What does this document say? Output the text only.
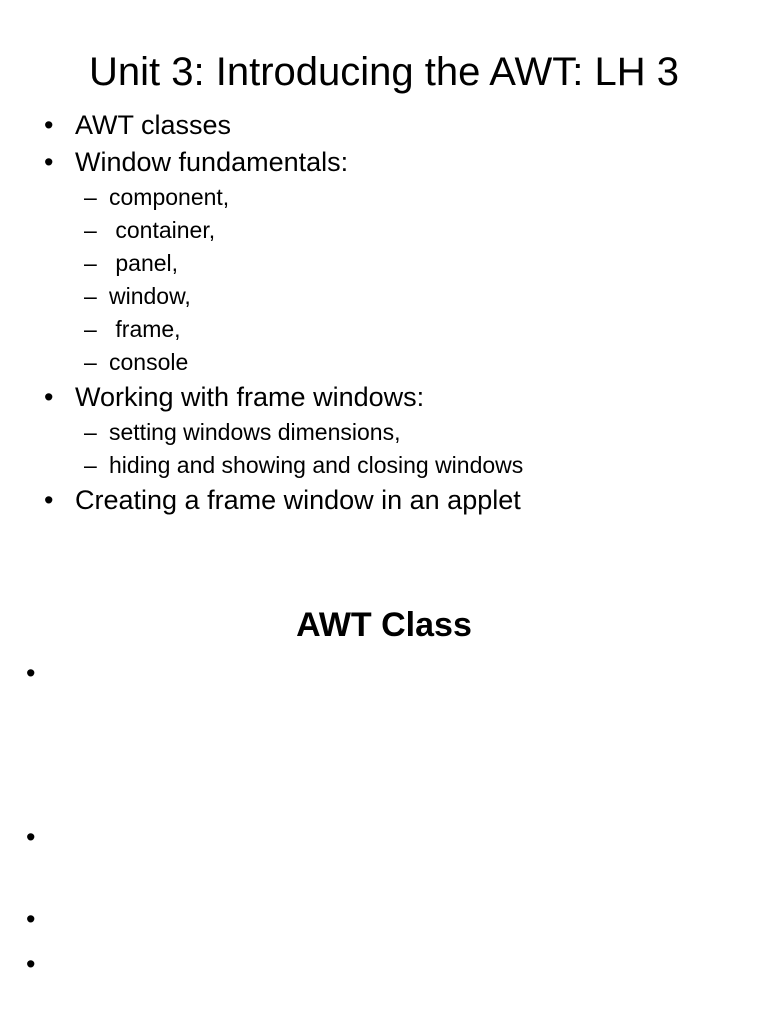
Unit 3: Introducing the AWT: LH 3
• AWT classes
• Window fundamentals:
– component,
– container,
– panel,
– window,
– frame,
– console
• Working with frame windows:
– setting windows dimensions,
– hiding and showing and closing windows
• Creating a frame window in an applet
AWT Class
•
•
•
•
